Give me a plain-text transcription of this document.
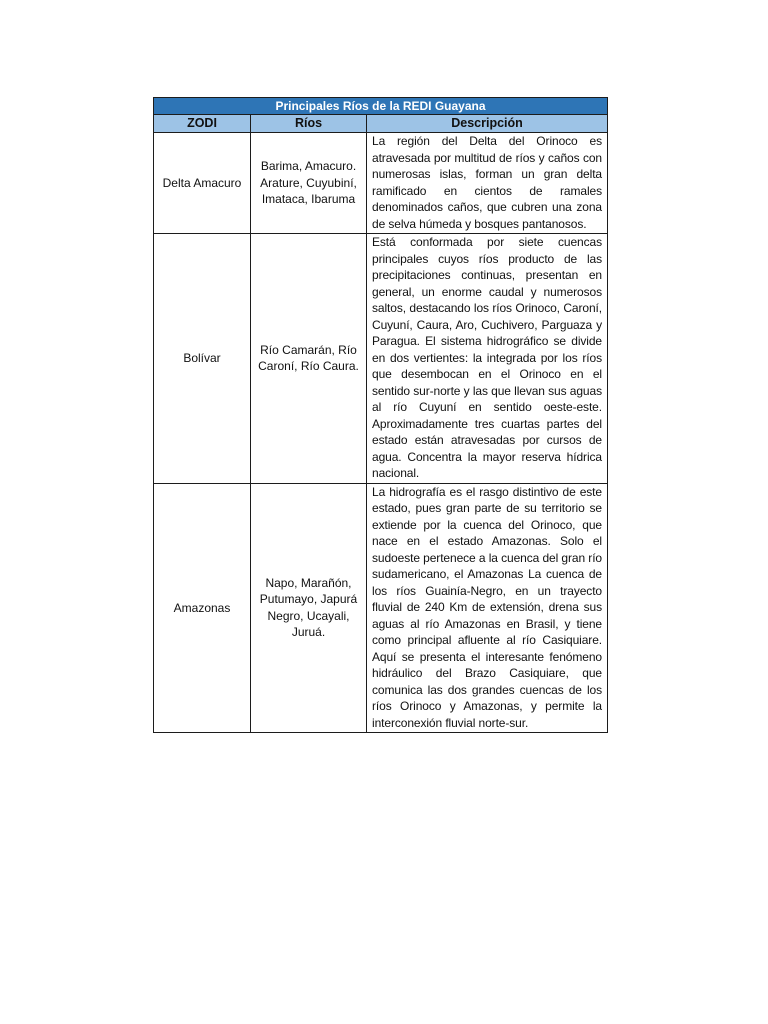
Principales Ríos de la REDI Guayana		
ZODI	Ríos	Descripción
Delta Amacuro	Barima, Amacuro. Arature, Cuyubiní, Imataca, Ibaruma	La región del Delta del Orinoco es atravesada por multitud de ríos y caños con numerosas islas, forman un gran delta ramificado en cientos de ramales denominados caños, que cubren una zona de selva húmeda y bosques pantanosos.
Bolívar	Río Camarán, Río Caroní, Río Caura.	Está conformada por siete cuencas principales cuyos ríos producto de las precipitaciones continuas, presentan en general, un enorme caudal y numerosos saltos, destacando los ríos Orinoco, Caroní, Cuyuní, Caura, Aro, Cuchivero, Parguaza y Paragua. El sistema hidrográfico se divide en dos vertientes: la integrada por los ríos que desembocan en el Orinoco en el sentido sur-norte y las que llevan sus aguas al río Cuyuní en sentido oeste-este. Aproximadamente tres cuartas partes del estado están atravesadas por cursos de agua. Concentra la mayor reserva hídrica nacional.
Amazonas	Napo, Marañón, Putumayo, Japurá Negro, Ucayali, Juruá.	La hidrografía es el rasgo distintivo de este estado, pues gran parte de su territorio se extiende por la cuenca del Orinoco, que nace en el estado Amazonas. Solo el sudoeste pertenece a la cuenca del gran río sudamericano, el Amazonas La cuenca de los ríos Guainía-Negro, en un trayecto fluvial de 240 Km de extensión, drena sus aguas al río Amazonas en Brasil, y tiene como principal afluente al río Casiquiare. Aquí se presenta el interesante fenómeno hidráulico del Brazo Casiquiare, que comunica las dos grandes cuencas de los ríos Orinoco y Amazonas, y permite la interconexión fluvial norte-sur.
